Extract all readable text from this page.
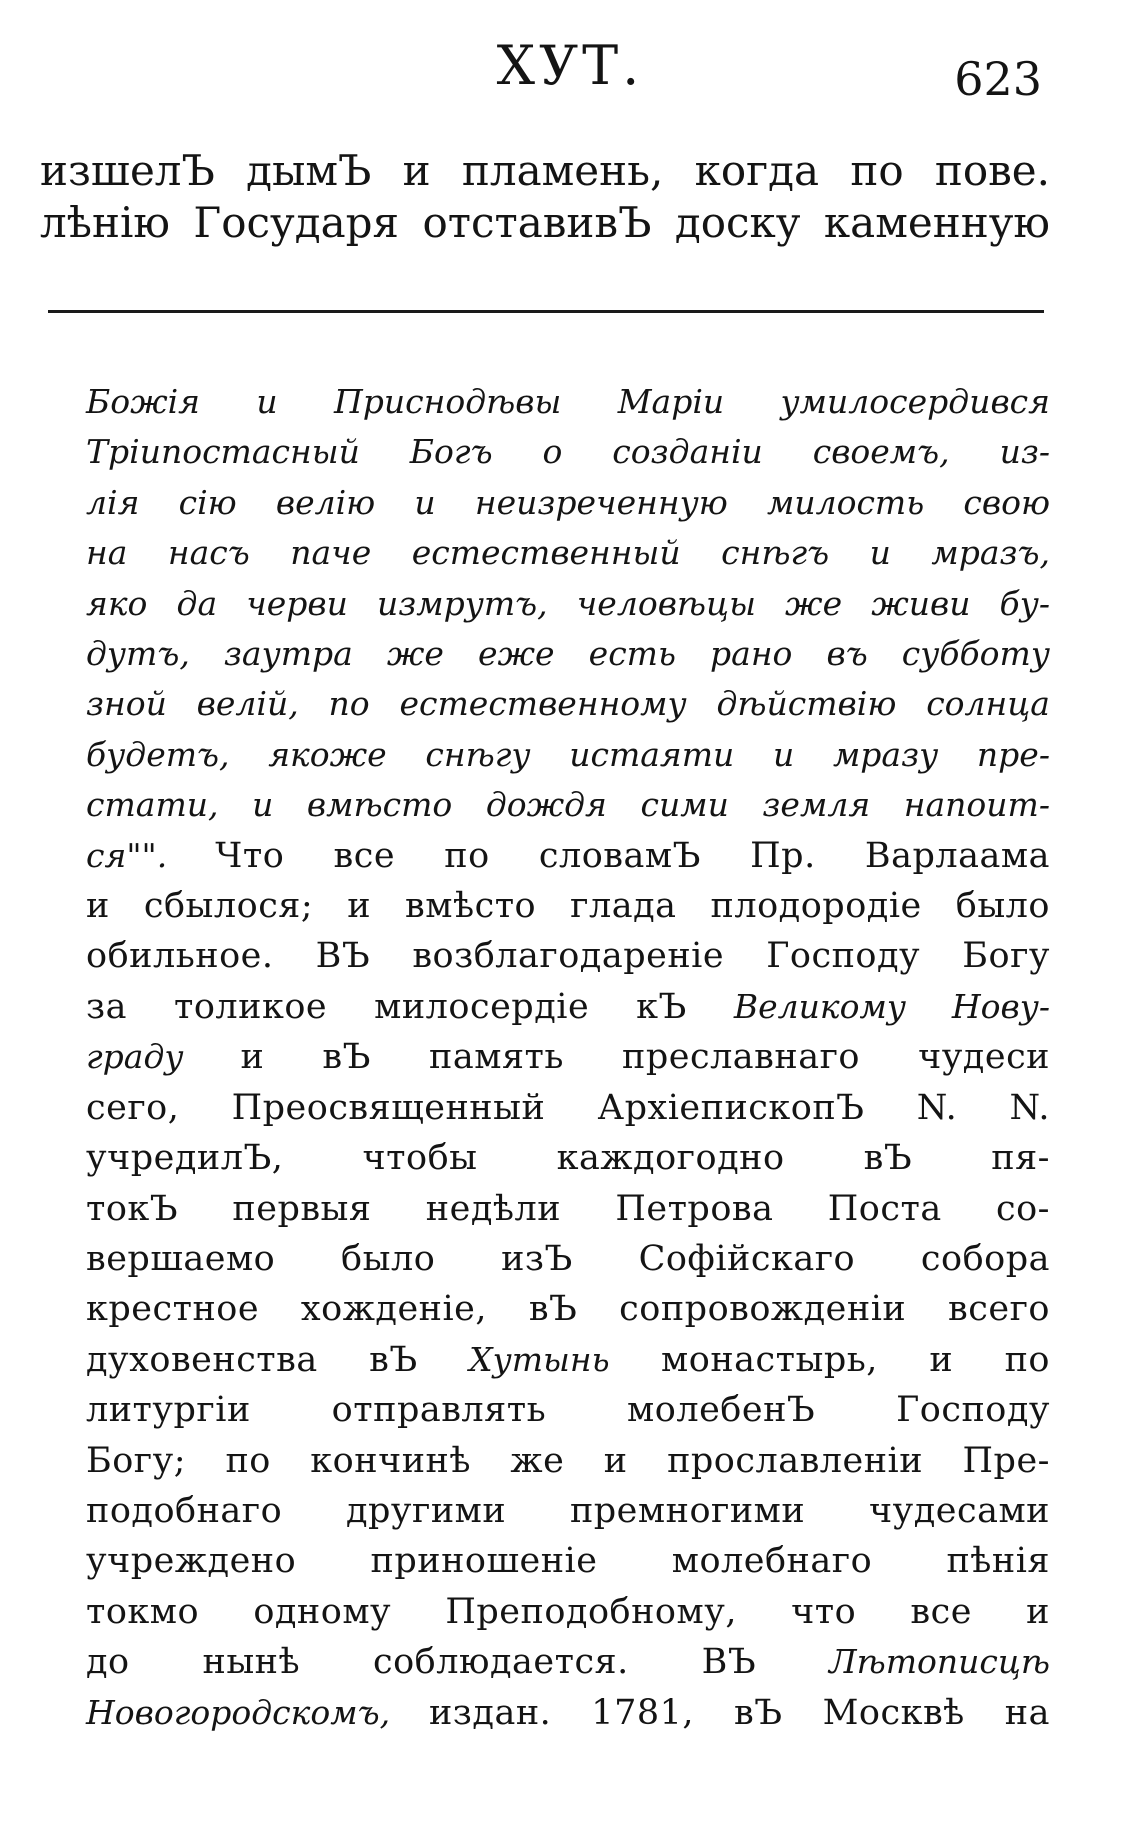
ХУТ.	623
изшелЪ дымЪ и пламень, когда по пове.
лѣнію Государя отставивЪ доску каменную
Божія и Приснодѣвы Маріи умилосердився
Тріипостасный Богъ о созданіи своемъ, из-
лія сію велію и неизреченную милость свою
на насъ паче естественный снѣгъ и мразъ,
яко да черви измрутъ, человѣцы же живи бу-
дутъ, заутра же еже есть рано въ субботу
зной велій, по естественному дѣйствію солнца
будетъ, якоже снѣгу истаяти и мразу пре-
стати, и вмѣсто дождя сими земля напоит-
ся"". Что все по словамЪ Пр. Варлаама
и сбылося; и вмѣсто глада плодородіе было
обильное. ВЪ возблагодареніе Господу Богу
за толикое милосердіе кЪ Великому Нову-
граду и вЪ память преславнаго чудеси
сего, Преосвященный АрхіепископЪ N. N.
учредилЪ, чтобы каждогодно вЪ пя-
токЪ первыя недѣли Петрова Поста со-
вершаемо было изЪ Софійскаго собора
крестное хожденіе, вЪ сопровожденіи всего
духовенства вЪ Хутынь монастырь, и по
литургіи отправлять молебенЪ Господу
Богу; по кончинѣ же и прославленіи Пре-
подобнаго другими премногими чудесами
учреждено приношеніе молебнаго пѣнія
токмо одному Преподобному, что все и
до нынѣ соблюдается. ВЪ Лѣтописцѣ
Новогородскомъ, издан. 1781, вЪ Москвѣ на
